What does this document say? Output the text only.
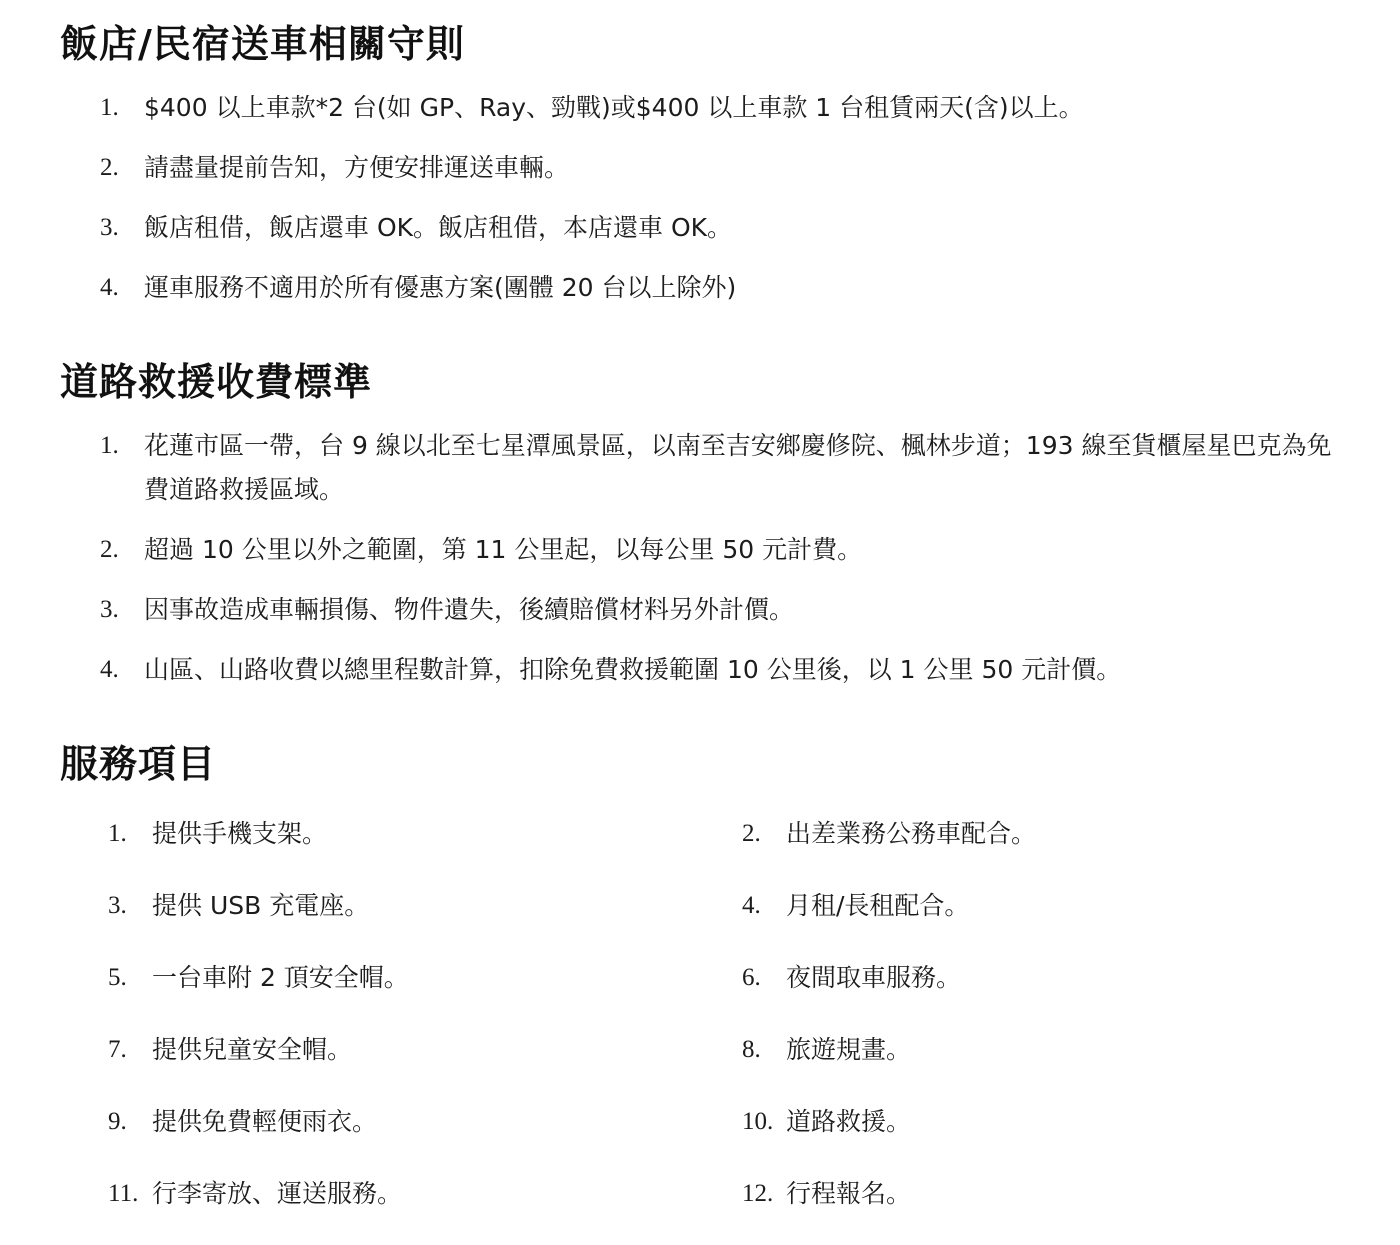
飯店/民宿送車相關守則
1.	$400 以上車款*2 台(如 GP、Ray、勁戰)或$400 以上車款 1 台租賃兩天(含)以上。
2.	請盡量提前告知，方便安排運送車輛。
3.	飯店租借，飯店還車 OK。飯店租借，本店還車 OK。
4.	運車服務不適用於所有優惠方案(團體 20 台以上除外)
道路救援收費標準
1.	花蓮市區一帶，台 9 線以北至七星潭風景區，以南至吉安鄉慶修院、楓林步道；193 線至貨櫃屋星巴克為免費道路救援區域。
2.	超過 10 公里以外之範圍，第 11 公里起，以每公里 50 元計費。
3.	因事故造成車輛損傷、物件遺失，後續賠償材料另外計價。
4.	山區、山路收費以總里程數計算，扣除免費救援範圍 10 公里後，以 1 公里 50 元計價。
服務項目
1.	提供手機支架。	2.	出差業務公務車配合。
3.	提供 USB 充電座。	4.	月租/長租配合。
5.	一台車附 2 頂安全帽。	6.	夜間取車服務。
7.	提供兒童安全帽。	8.	旅遊規畫。
9.	提供免費輕便雨衣。	10. 道路救援。
11. 行李寄放、運送服務。	12. 行程報名。
